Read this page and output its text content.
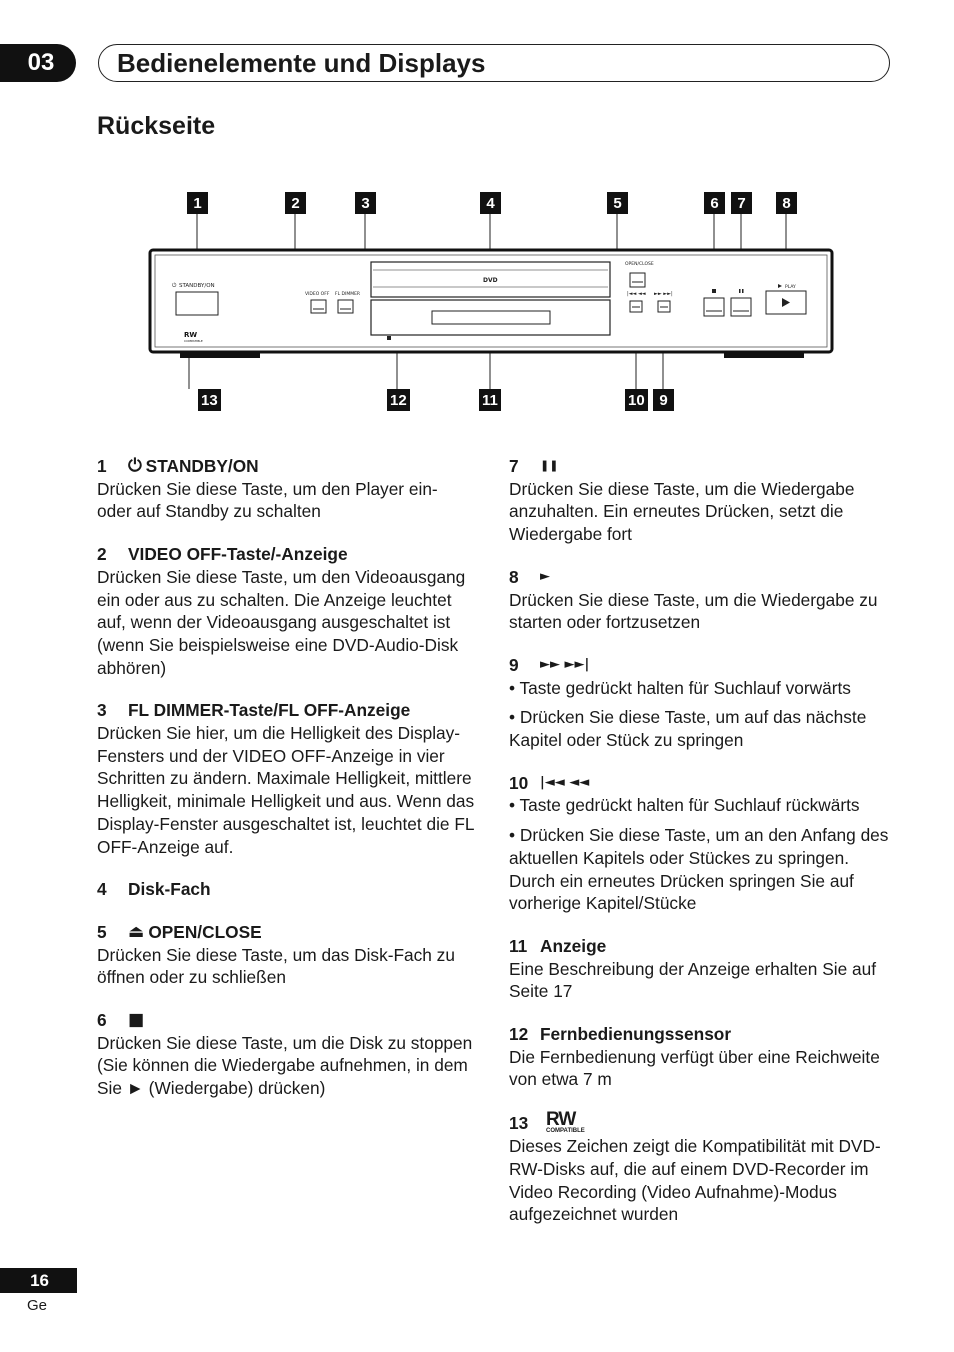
03	Bedienelemente und Displays
Rückseite
1	2	3	4	5	6	7	8
13	12	11	10 9
|◄◄ ◄◄ ►► ►►|
⏻ STANDBY/ON
VIDEO OFF FL DIMMER
OPEN/CLOSE
PLAY
DVD
RW
COMPATIBLE
1	⏻ STANDBY/ON

Drücken Sie diese Taste, um den Player ein- oder auf Standby zu schalten

2	VIDEO OFF-Taste/-Anzeige

Drücken Sie diese Taste, um den Videoausgang ein oder aus zu schalten. Die Anzeige leuchtet auf, wenn der Videoausgang ausgeschaltet ist (wenn Sie beispielsweise eine DVD-Audio-Disk abhören)

3	FL DIMMER-Taste/FL OFF-Anzeige

Drücken Sie hier, um die Helligkeit des Display-Fensters und der VIDEO OFF-Anzeige in vier Schritten zu ändern. Maximale Helligkeit, mittlere Helligkeit, minimale Helligkeit und aus. Wenn das Display-Fenster ausgeschaltet ist, leuchtet die FL OFF-Anzeige auf.

4	Disk-Fach
5	⏏ OPEN/CLOSE

Drücken Sie diese Taste, um das Disk-Fach zu öffnen oder zu schließen

6	■

Drücken Sie diese Taste, um die Disk zu stoppen (Sie können die Wiedergabe aufnehmen, in dem Sie ► (Wiedergabe) drücken)

7	❚❚

Drücken Sie diese Taste, um die Wiedergabe anzuhalten. Ein erneutes Drücken, setzt die Wiedergabe fort

8	►

Drücken Sie diese Taste, um die Wiedergabe zu starten oder fortzusetzen

9	►► ►►|

• Taste gedrückt halten für Suchlauf vorwärts

• Drücken Sie diese Taste, um auf das nächste Kapitel oder Stück zu springen

10 |◄◄ ◄◄

• Taste gedrückt halten für Suchlauf rückwärts

• Drücken Sie diese Taste, um an den Anfang des aktuellen Kapitels oder Stückes zu springen. Durch ein erneutes Drücken springen Sie auf vorherige Kapitel/Stücke

11 Anzeige

Eine Beschreibung der Anzeige erhalten Sie auf Seite 17

12 Fernbedienungssensor

Die Fernbedienung verfügt über eine Reichweite von etwa 7 m

13 RW
COMPATIBLE

Dieses Zeichen zeigt die Kompatibilität mit DVD-RW-Disks auf, die auf einem DVD-Recorder im Video Recording (Video Aufnahme)-Modus aufgezeichnet wurden

16
Ge
